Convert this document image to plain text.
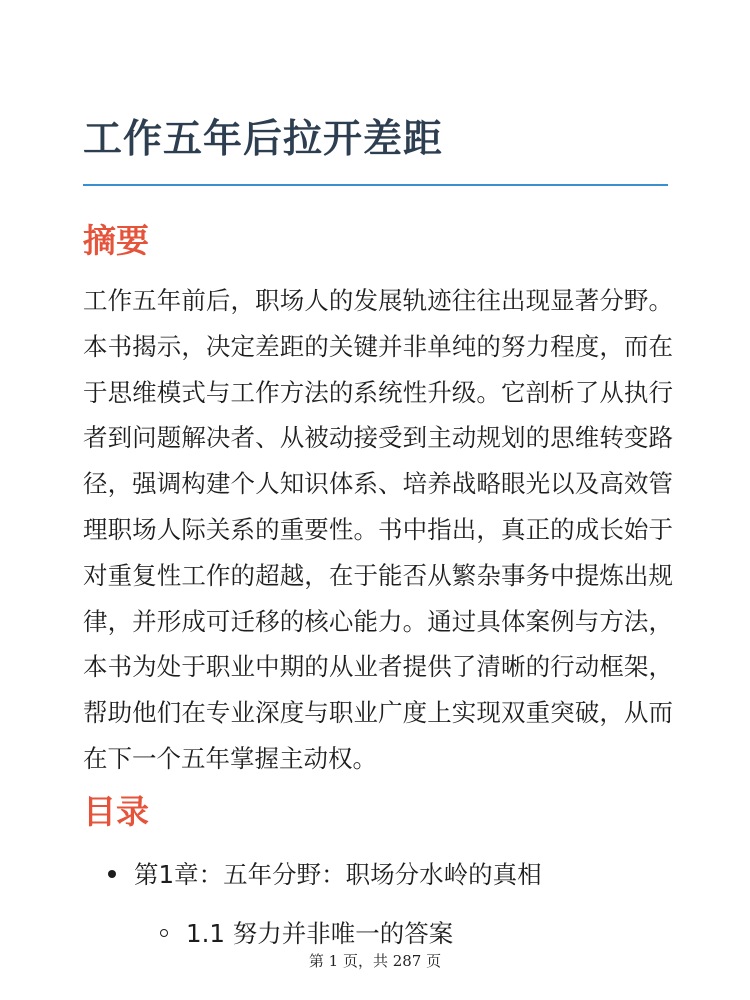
工作五年后拉开差距
摘要

工作五年前后，职场人的发展轨迹往往出现显著分野。本书揭示，决定差距的关键并非单纯的努力程度，而在于思维模式与工作方法的系统性升级。它剖析了从执行者到问题解决者、从被动接受到主动规划的思维转变路径，强调构建个人知识体系、培养战略眼光以及高效管理职场人际关系的重要性。书中指出，真正的成长始于对重复性工作的超越，在于能否从繁杂事务中提炼出规律，并形成可迁移的核心能力。通过具体案例与方法，本书为处于职业中期的从业者提供了清晰的行动框架，帮助他们在专业深度与职业广度上实现双重突破，从而在下一个五年掌握主动权。

目录
第1章：五年分野：职场分水岭的真相
1.1 努力并非唯一的答案
第 1 页，共 287 页
